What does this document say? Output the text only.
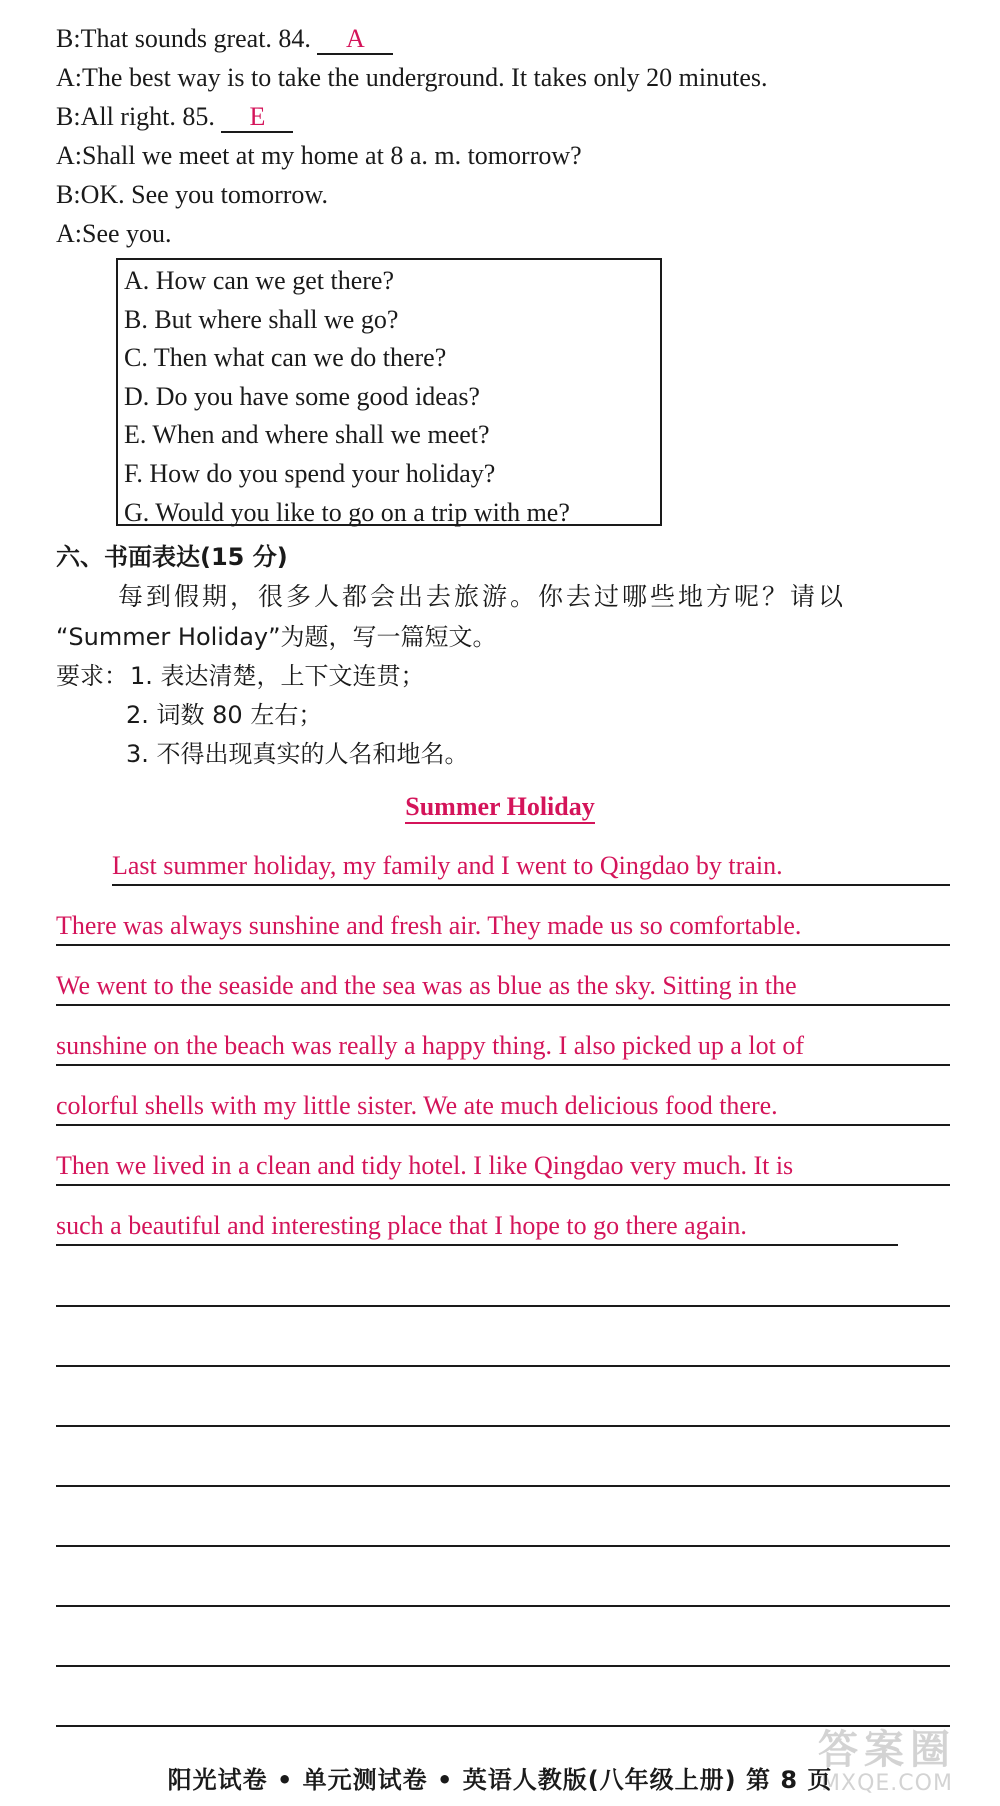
B:That sounds great. 84. A
A:The best way is to take the underground. It takes only 20 minutes.
B:All right. 85. E
A:Shall we meet at my home at 8 a. m. tomorrow?
B:OK. See you tomorrow.
A:See you.
A. How can we get there?
B. But where shall we go?
C. Then what can we do there?
D. Do you have some good ideas?
E. When and where shall we meet?
F. How do you spend your holiday?
G. Would you like to go on a trip with me?
六、书面表达(15 分)
每到假期，很多人都会出去旅游。你去过哪些地方呢？请以
“Summer Holiday”为题，写一篇短文。
要求： 1. 表达清楚，上下文连贯；
2. 词数 80 左右；
3. 不得出现真实的人名和地名。
Summer Holiday
Last summer holiday, my family and I went to Qingdao by train.
There was always sunshine and fresh air. They made us so comfortable.
We went to the seaside and the sea was as blue as the sky. Sitting in the
sunshine on the beach was really a happy thing. I also picked up a lot of
colorful shells with my little sister. We ate much delicious food there.
Then we lived in a clean and tidy hotel. I like Qingdao very much. It is
such a beautiful and interesting place that I hope to go there again.
答案圈
MXQE.COM
阳光试卷 • 单元测试卷 • 英语人教版(八年级上册) 第 8 页
